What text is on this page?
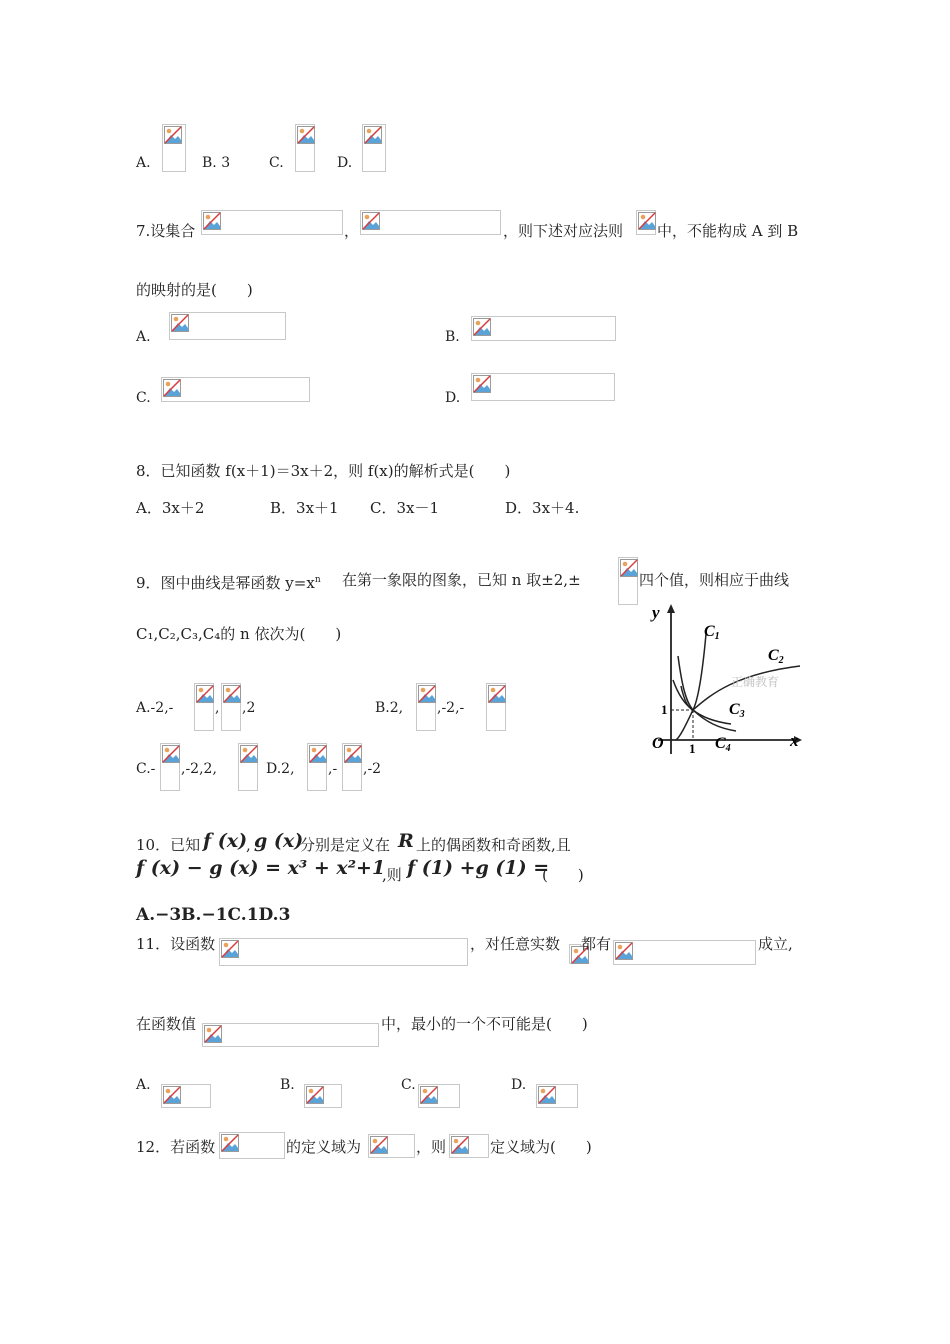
A.	B. 3	C.	D.
7.设集合	，	，则下述对应法则 中，不能构成 A 到 B
的映射的是(　　)
A.	B.
C.	D.
8．已知函数 f(x＋1)＝3x＋2，则 f(x)的解析式是(　　)
A．3x＋2	B．3x＋1 C．3x－1	D．3x＋4.
9．图中曲线是幂函数 $y=x^n$ 在第一象限的图象，已知 n 取±2,±	四个值，则相应于曲线
C₁,C₂,C₃,C₄的 n 依次为(　　)
A.-2,-	, ,2	B.2, ,-2,-
C.- ,-2,2,	D.2, ,- ,-2
y
x
O 1
1
C1
C2
C3
C4
正确教育
10．已知 f (x)
, g (x)
分别是定义在 R 上的偶函数和奇函数,且
f (x) − g (x) = x³ + x²+1
,则 f (1) +g (1) =
(　　)
A.−3B.−1C.1D.3
11．设函数	，对任意实数 都有	成立,
在函数值	中，最小的一个不可能是(　　)
A.	B.	C.	D.
12．若函数	的定义域为	，则	定义域为(　　)
